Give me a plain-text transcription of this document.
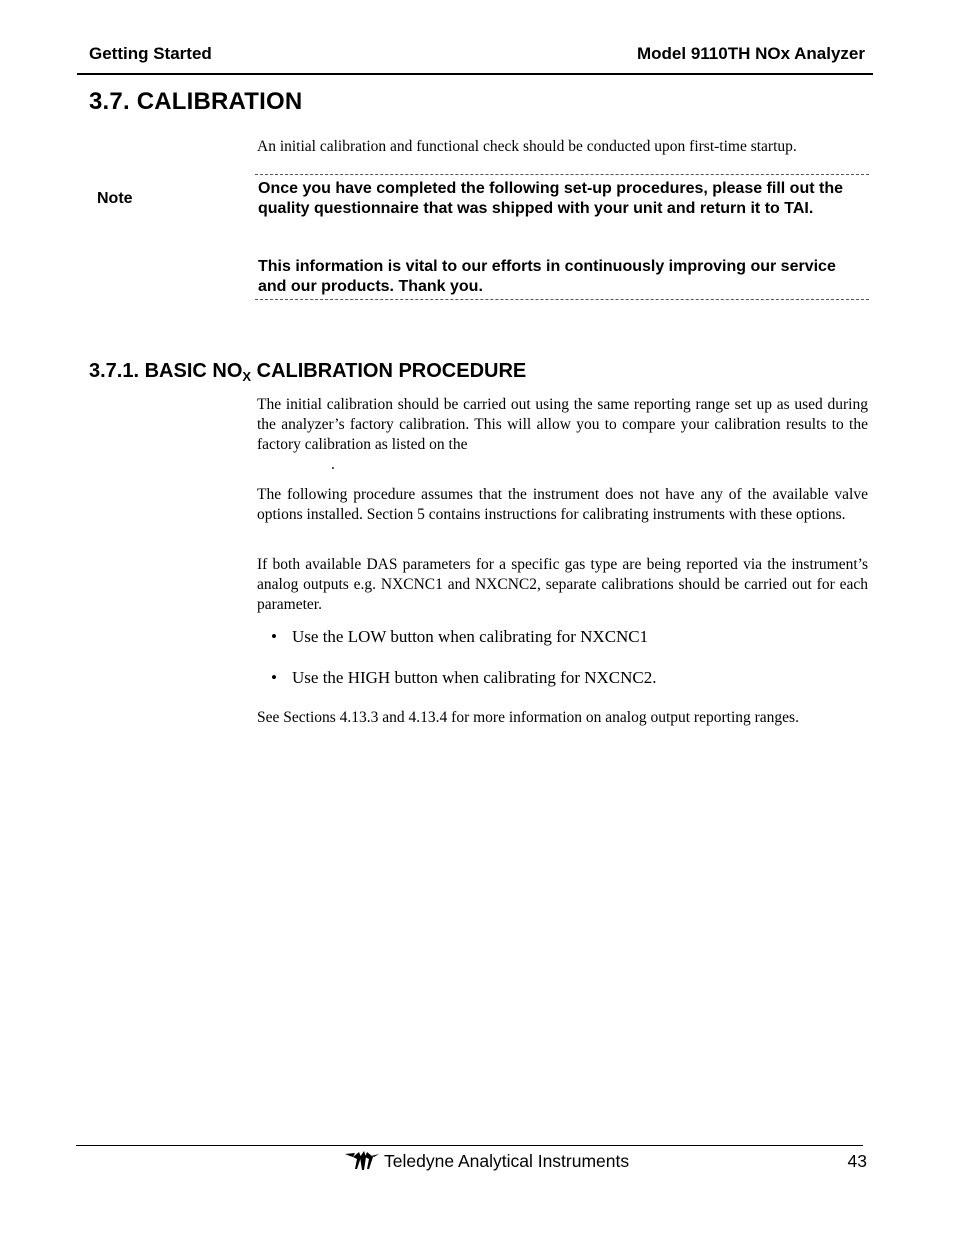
Getting Started	Model 9110TH NOx Analyzer
3.7. CALIBRATION
An initial calibration and functional check should be conducted upon first-time startup.
Note
Once you have completed the following set-up procedures, please fill out the quality questionnaire that was shipped with your unit and return it to TAI.
This information is vital to our efforts in continuously improving our service and our products. Thank you.
3.7.1. BASIC $NO_X$ CALIBRATION PROCEDURE
The initial calibration should be carried out using the same reporting range set up as used during the analyzer’s factory calibration. This will allow you to compare your calibration results to the factory calibration as listed on the
.
The following procedure assumes that the instrument does not have any of the available valve options installed. Section 5 contains instructions for calibrating instruments with these options.
If both available DAS parameters for a specific gas type are being reported via the instrument’s analog outputs e.g. NXCNC1 and NXCNC2, separate calibrations should be carried out for each parameter.
• Use the LOW button when calibrating for NXCNC1
• Use the HIGH button when calibrating for NXCNC2.
See Sections 4.13.3 and 4.13.4 for more information on analog output reporting ranges.
Teledyne Analytical Instruments	43
